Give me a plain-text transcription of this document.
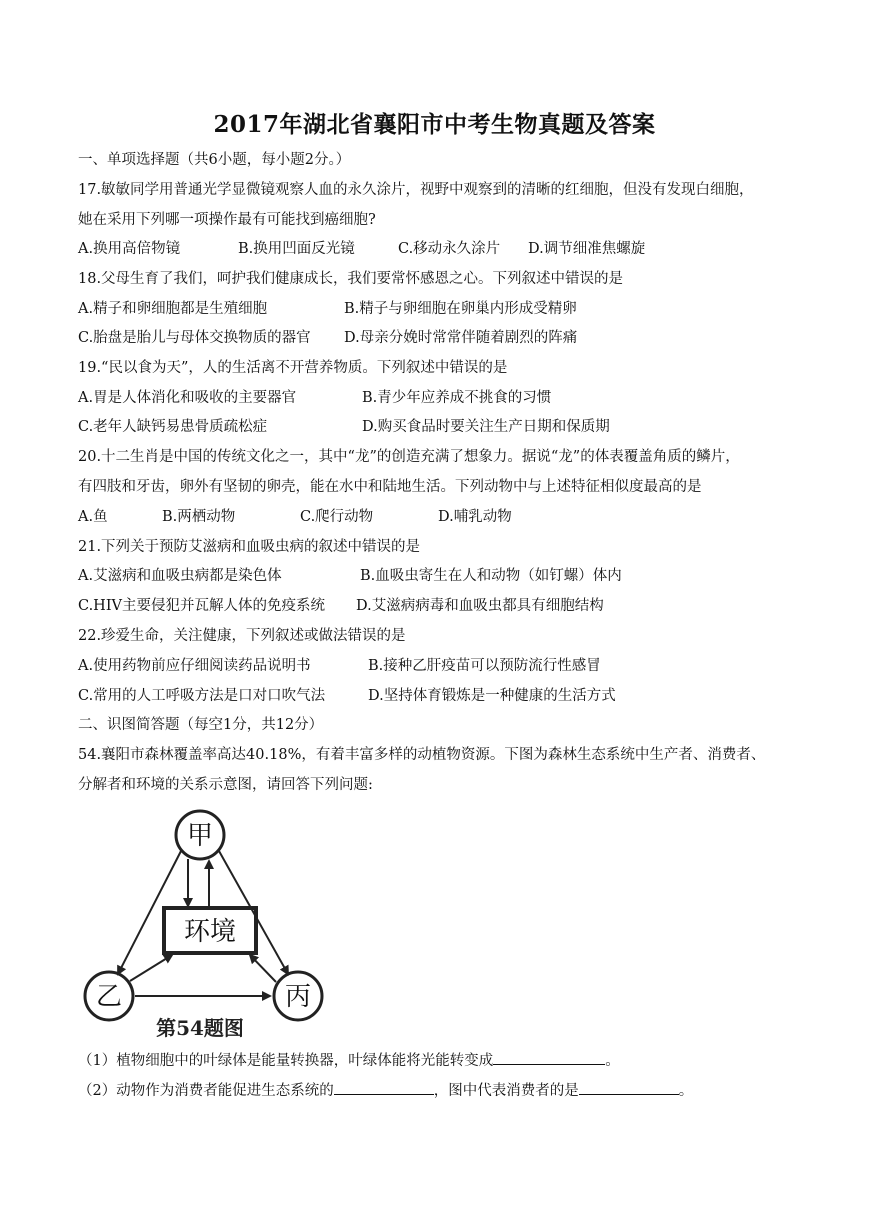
2017年湖北省襄阳市中考生物真题及答案
一、单项选择题（共6小题，每小题2分。）
17.敏敏同学用普通光学显微镜观察人血的永久涂片，视野中观察到的清晰的红细胞，但没有发现白细胞，
她在采用下列哪一项操作最有可能找到癌细胞?
A.换用高倍物镜	B.换用凹面反光镜	C.移动永久涂片 D.调节细准焦螺旋
18.父母生育了我们，呵护我们健康成长，我们要常怀感恩之心。下列叙述中错误的是
A.精子和卵细胞都是生殖细胞	B.精子与卵细胞在卵巢内形成受精卵
C.胎盘是胎儿与母体交换物质的器官 D.母亲分娩时常常伴随着剧烈的阵痛
19.“民以食为天”，人的生活离不开营养物质。下列叙述中错误的是
A.胃是人体消化和吸收的主要器官	B.青少年应养成不挑食的习惯
C.老年人缺钙易患骨质疏松症	D.购买食品时要关注生产日期和保质期
20.十二生肖是中国的传统文化之一，其中“龙”的创造充满了想象力。据说“龙”的体表覆盖角质的鳞片，
有四肢和牙齿，卵外有坚韧的卵壳，能在水中和陆地生活。下列动物中与上述特征相似度最高的是
A.鱼	B.两栖动物	C.爬行动物	D.哺乳动物
21.下列关于预防艾滋病和血吸虫病的叙述中错误的是
A.艾滋病和血吸虫病都是染色体	B.血吸虫寄生在人和动物（如钉螺）体内
C.HIV主要侵犯并瓦解人体的免疫系统 D.艾滋病病毒和血吸虫都具有细胞结构
22.珍爱生命，关注健康，下列叙述或做法错误的是
A.使用药物前应仔细阅读药品说明书	B.接种乙肝疫苗可以预防流行性感冒
C.常用的人工呼吸方法是口对口吹气法	D.坚持体育锻炼是一种健康的生活方式
二、识图简答题（每空1分，共12分）
54.襄阳市森林覆盖率高达40.18%，有着丰富多样的动植物资源。下图为森林生态系统中生产者、消费者、
分解者和环境的关系示意图，请回答下列问题:
甲
环境
乙	丙
第54题图
（1）植物细胞中的叶绿体是能量转换器，叶绿体能将光能转变成	。
（2）动物作为消费者能促进生态系统的	，图中代表消费者的是	。
